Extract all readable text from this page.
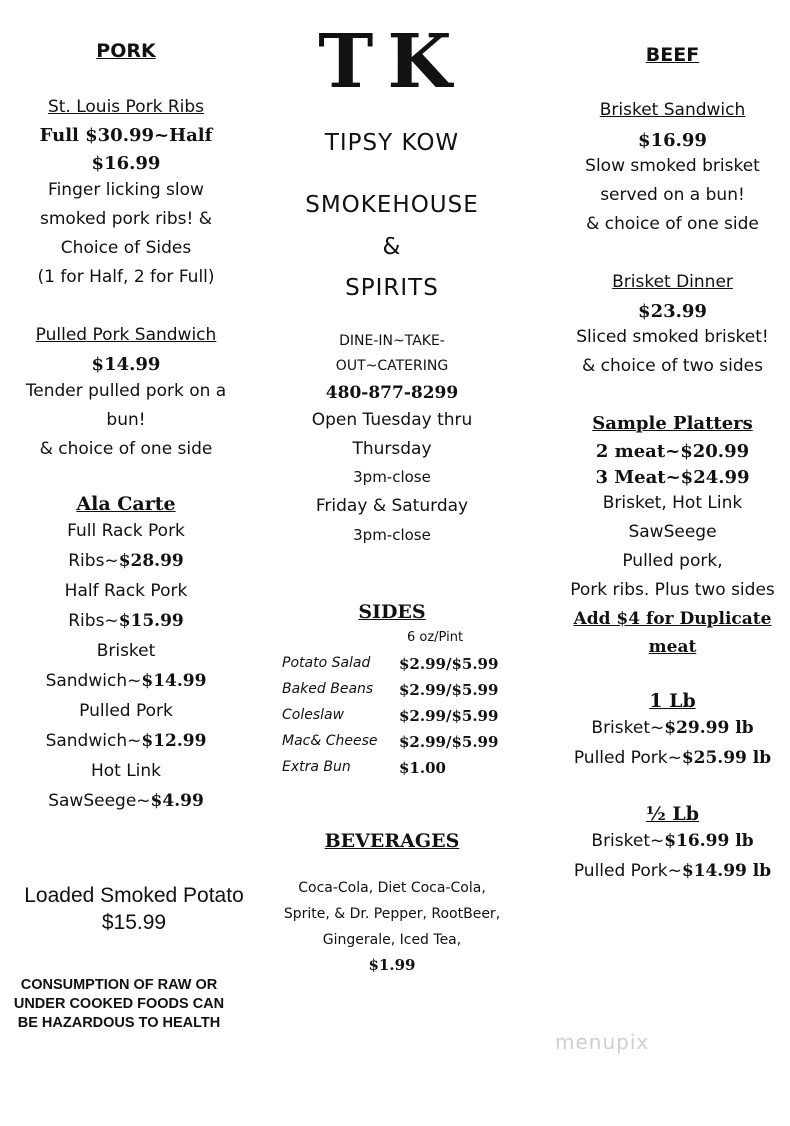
PORK
St. Louis Pork Ribs
Full $30.99~Half
$16.99
Finger licking slow
smoked pork ribs! &
Choice of Sides
(1 for Half, 2 for Full)
Pulled Pork Sandwich
$14.99
Tender pulled pork on a
bun!
& choice of one side
Ala Carte
Full Rack Pork
Ribs~$28.99
Half Rack Pork
Ribs~$15.99
Brisket
Sandwich~$14.99
Pulled Pork
Sandwich~$12.99
Hot Link
SawSeege~$4.99
Loaded Smoked Potato
$15.99
CONSUMPTION OF RAW OR
UNDER COOKED FOODS CAN
BE HAZARDOUS TO HEALTH
TK
TIPSY KOW
SMOKEHOUSE
&
SPIRITS
DINE-IN~TAKE-
OUT~CATERING
480-877-8299
Open Tuesday thru
Thursday
3pm-close
Friday & Saturday
3pm-close
SIDES
6 oz/Pint
Potato Salad $2.99/$5.99
Baked Beans $2.99/$5.99
Coleslaw	$2.99/$5.99
Mac& Cheese $2.99/$5.99
Extra Bun	$1.00
BEVERAGES
Coca-Cola, Diet Coca-Cola,
Sprite, & Dr. Pepper, RootBeer,
Gingerale, Iced Tea,
$1.99
BEEF
Brisket Sandwich
$16.99
Slow smoked brisket
served on a bun!
& choice of one side
Brisket Dinner
$23.99
Sliced smoked brisket!
& choice of two sides
Sample Platters
2 meat~$20.99
3 Meat~$24.99
Brisket, Hot Link
SawSeege
Pulled pork,
Pork ribs. Plus two sides
Add $4 for Duplicate
meat
1 Lb
Brisket~$29.99 lb
Pulled Pork~$25.99 lb
½ Lb
Brisket~$16.99 lb
Pulled Pork~$14.99 lb
menupix
